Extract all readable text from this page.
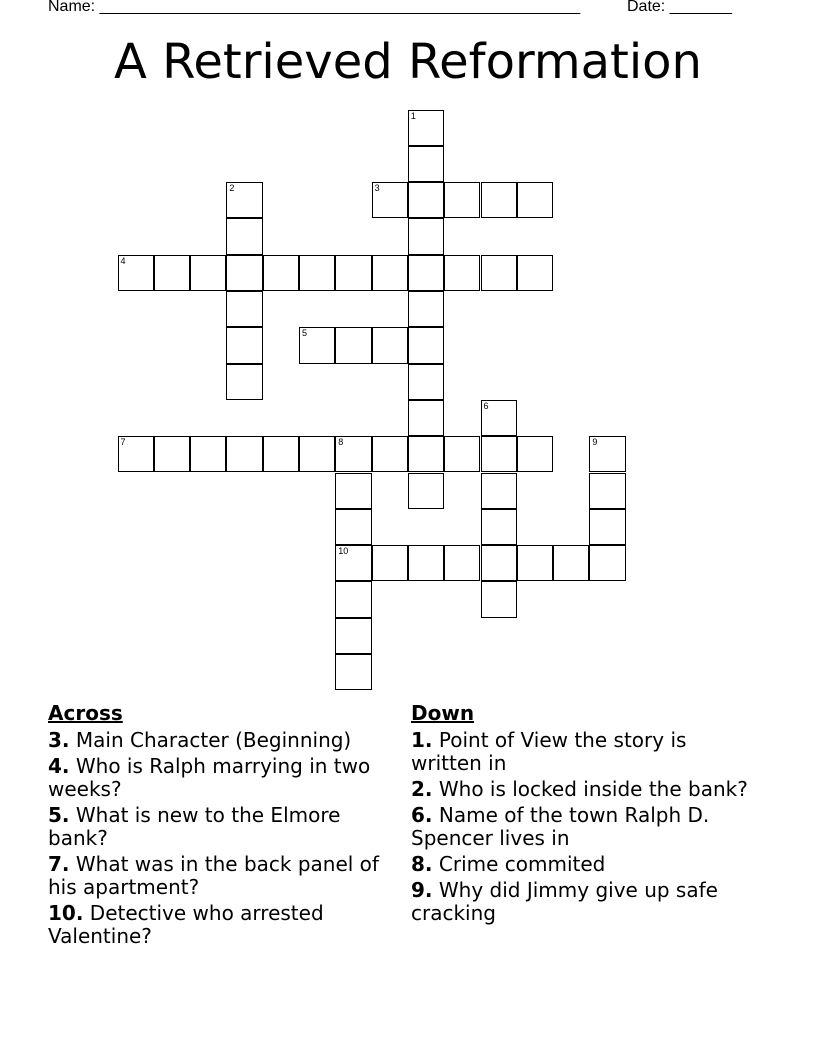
Name: ______________________________________________________	Date: _______
A Retrieved Reformation
1
2	3
4
5
6
7	8	9
10
Across
3. Main Character (Beginning)
4. Who is Ralph marrying in two weeks?
5. What is new to the Elmore bank?
7. What was in the back panel of his apartment?
10. Detective who arrested Valentine?
Down
1. Point of View the story is written in
2. Who is locked inside the bank?
6. Name of the town Ralph D. Spencer lives in
8. Crime commited
9. Why did Jimmy give up safe cracking
